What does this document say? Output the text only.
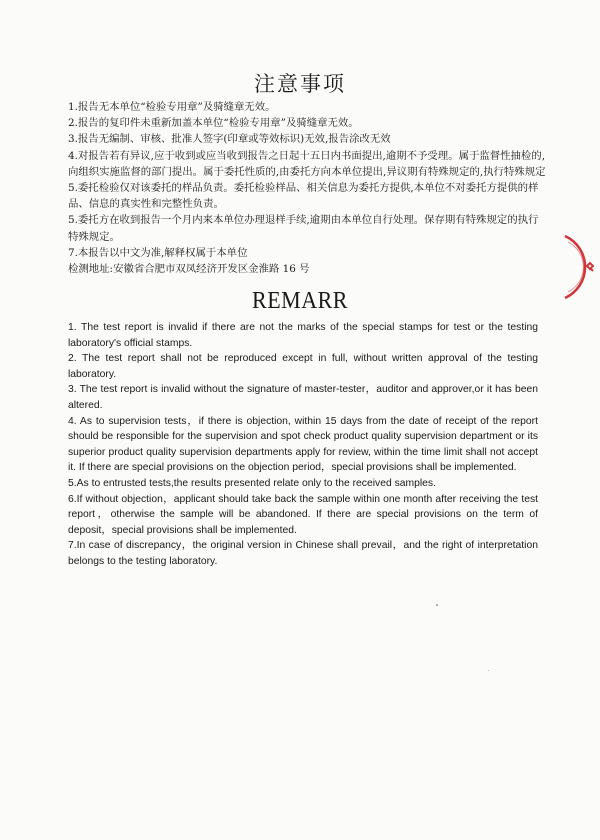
注意事项

1.报告无本单位“检验专用章”及骑缝章无效。

2.报告的复印件未重新加盖本单位“检验专用章”及骑缝章无效。

3.报告无编制、审核、批准人签字(印章或等效标识)无效,报告涂改无效

4.对报告若有异议,应于收到或应当收到报告之日起十五日内书面提出,逾期不予受理。属于监督性抽检的,向组织实施监督的部门提出。属于委托性质的,由委托方向本单位提出,异议期有特殊规定的,执行特殊规定

5.委托检验仅对该委托的样品负责。委托检验样品、相关信息为委托方提供,本单位不对委托方提供的样品、信息的真实性和完整性负责。

5.委托方在收到报告一个月内来本单位办理退样手续,逾期由本单位自行处理。保存期有特殊规定的执行特殊规定。

7.本报告以中文为准,解释权属于本单位

检测地址:安徽省合肥市双凤经济开发区金淮路 16 号

REMARR

1. The test report is invalid if there are not the marks of the special stamps for test or the testing laboratory's official stamps.

2. The test report shall not be reproduced except in full, without written approval of the testing laboratory.

3. The test report is invalid without the signature of master-tester，auditor and approver,or it has been altered.

4. As to supervision tests，if there is objection, within 15 days from the date of receipt of the report should be responsible for the supervision and spot check product quality supervision department or its superior product quality supervision departments apply for review, within the time limit shall not accept it. If there are special provisions on the objection period，special provisions shall be implemented.

5.As to entrusted tests,the results presented relate only to the received samples.

6.If without objection，applicant should take back the sample within one month after receiving the test report，otherwise the sample will be abandoned. If there are special provisions on the term of deposit，special provisions shall be implemented.

7.In case of discrepancy，the original version in Chinese shall prevail，and the right of interpretation belongs to the testing laboratory.
